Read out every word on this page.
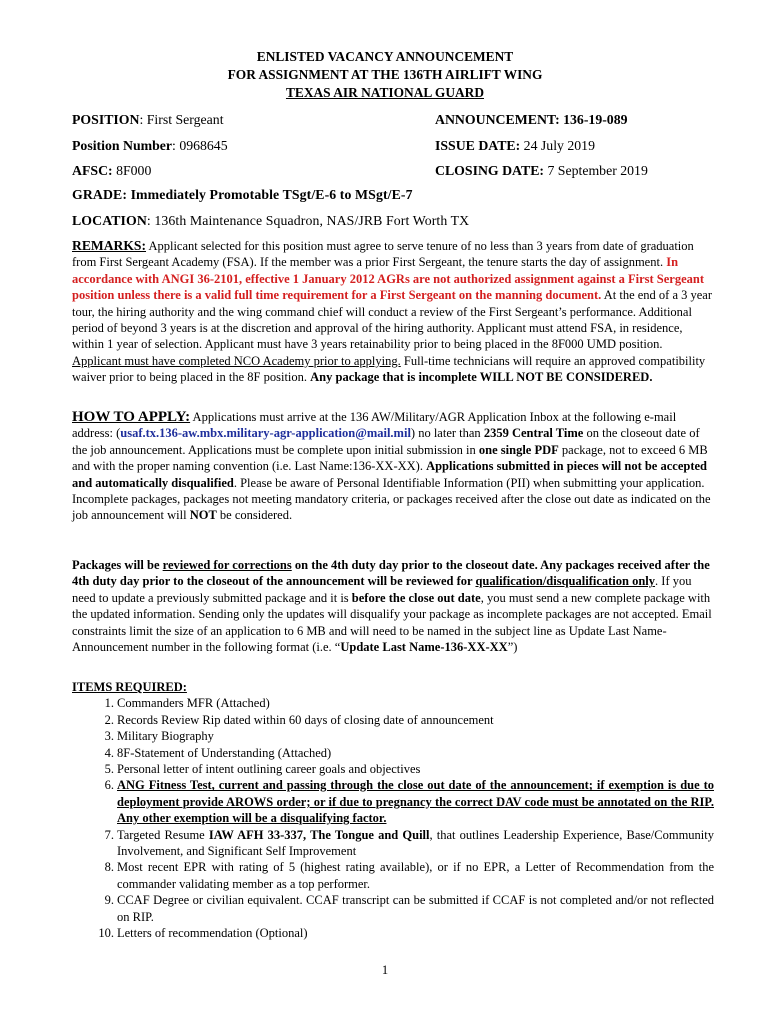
ENLISTED VACANCY ANNOUNCEMENT
FOR ASSIGNMENT AT THE 136TH AIRLIFT WING
TEXAS AIR NATIONAL GUARD
POSITION: First Sergeant	ANNOUNCEMENT: 136-19-089
Position Number: 0968645	ISSUE DATE: 24 July 2019
AFSC: 8F000	CLOSING DATE: 7 September 2019
GRADE: Immediately Promotable TSgt/E-6 to MSgt/E-7
LOCATION: 136th Maintenance Squadron, NAS/JRB Fort Worth TX

REMARKS: Applicant selected for this position must agree to serve tenure of no less than 3 years from date of graduation from First Sergeant Academy (FSA). If the member was a prior First Sergeant, the tenure starts the day of assignment. In accordance with ANGI 36-2101, effective 1 January 2012 AGRs are not authorized assignment against a First Sergeant position unless there is a valid full time requirement for a First Sergeant on the manning document. At the end of a 3 year tour, the hiring authority and the wing command chief will conduct a review of the First Sergeant’s performance. Additional period of beyond 3 years is at the discretion and approval of the hiring authority. Applicant must attend FSA, in residence, within 1 year of selection. Applicant must have 3 years retainability prior to being placed in the 8F000 UMD position. Applicant must have completed NCO Academy prior to applying. Full-time technicians will require an approved compatibility waiver prior to being placed in the 8F position. Any package that is incomplete WILL NOT BE CONSIDERED.

HOW TO APPLY: Applications must arrive at the 136 AW/Military/AGR Application Inbox at the following e-mail address: (usaf.tx.136-aw.mbx.military-agr-application@mail.mil) no later than 2359 Central Time on the closeout date of the job announcement. Applications must be complete upon initial submission in one single PDF package, not to exceed 6 MB and with the proper naming convention (i.e. Last Name:136-XX-XX). Applications submitted in pieces will not be accepted and automatically disqualified. Please be aware of Personal Identifiable Information (PII) when submitting your application. Incomplete packages, packages not meeting mandatory criteria, or packages received after the close out date as indicated on the job announcement will NOT be considered.

Packages will be reviewed for corrections on the 4th duty day prior to the closeout date. Any packages received after the 4th duty day prior to the closeout of the announcement will be reviewed for qualification/disqualification only. If you need to update a previously submitted package and it is before the close out date, you must send a new complete package with the updated information. Sending only the updates will disqualify your package as incomplete packages are not accepted. Email constraints limit the size of an application to 6 MB and will need to be named in the subject line as Update Last Name-Announcement number in the following format (i.e. “Update Last Name-136-XX-XX”)

ITEMS REQUIRED:

1. Commanders MFR (Attached)
2. Records Review Rip dated within 60 days of closing date of announcement
3. Military Biography
4. 8F-Statement of Understanding (Attached)
5. Personal letter of intent outlining career goals and objectives
6. ANG Fitness Test, current and passing through the close out date of the announcement; if exemption is due to deployment provide AROWS order; or if due to pregnancy the correct DAV code must be annotated on the RIP. Any other exemption will be a disqualifying factor.
7. Targeted Resume IAW AFH 33-337, The Tongue and Quill, that outlines Leadership Experience, Base/Community Involvement, and Significant Self Improvement
8. Most recent EPR with rating of 5 (highest rating available), or if no EPR, a Letter of Recommendation from the commander validating member as a top performer.
9. CCAF Degree or civilian equivalent. CCAF transcript can be submitted if CCAF is not completed and/or not reflected on RIP.
10. Letters of recommendation (Optional)
1
